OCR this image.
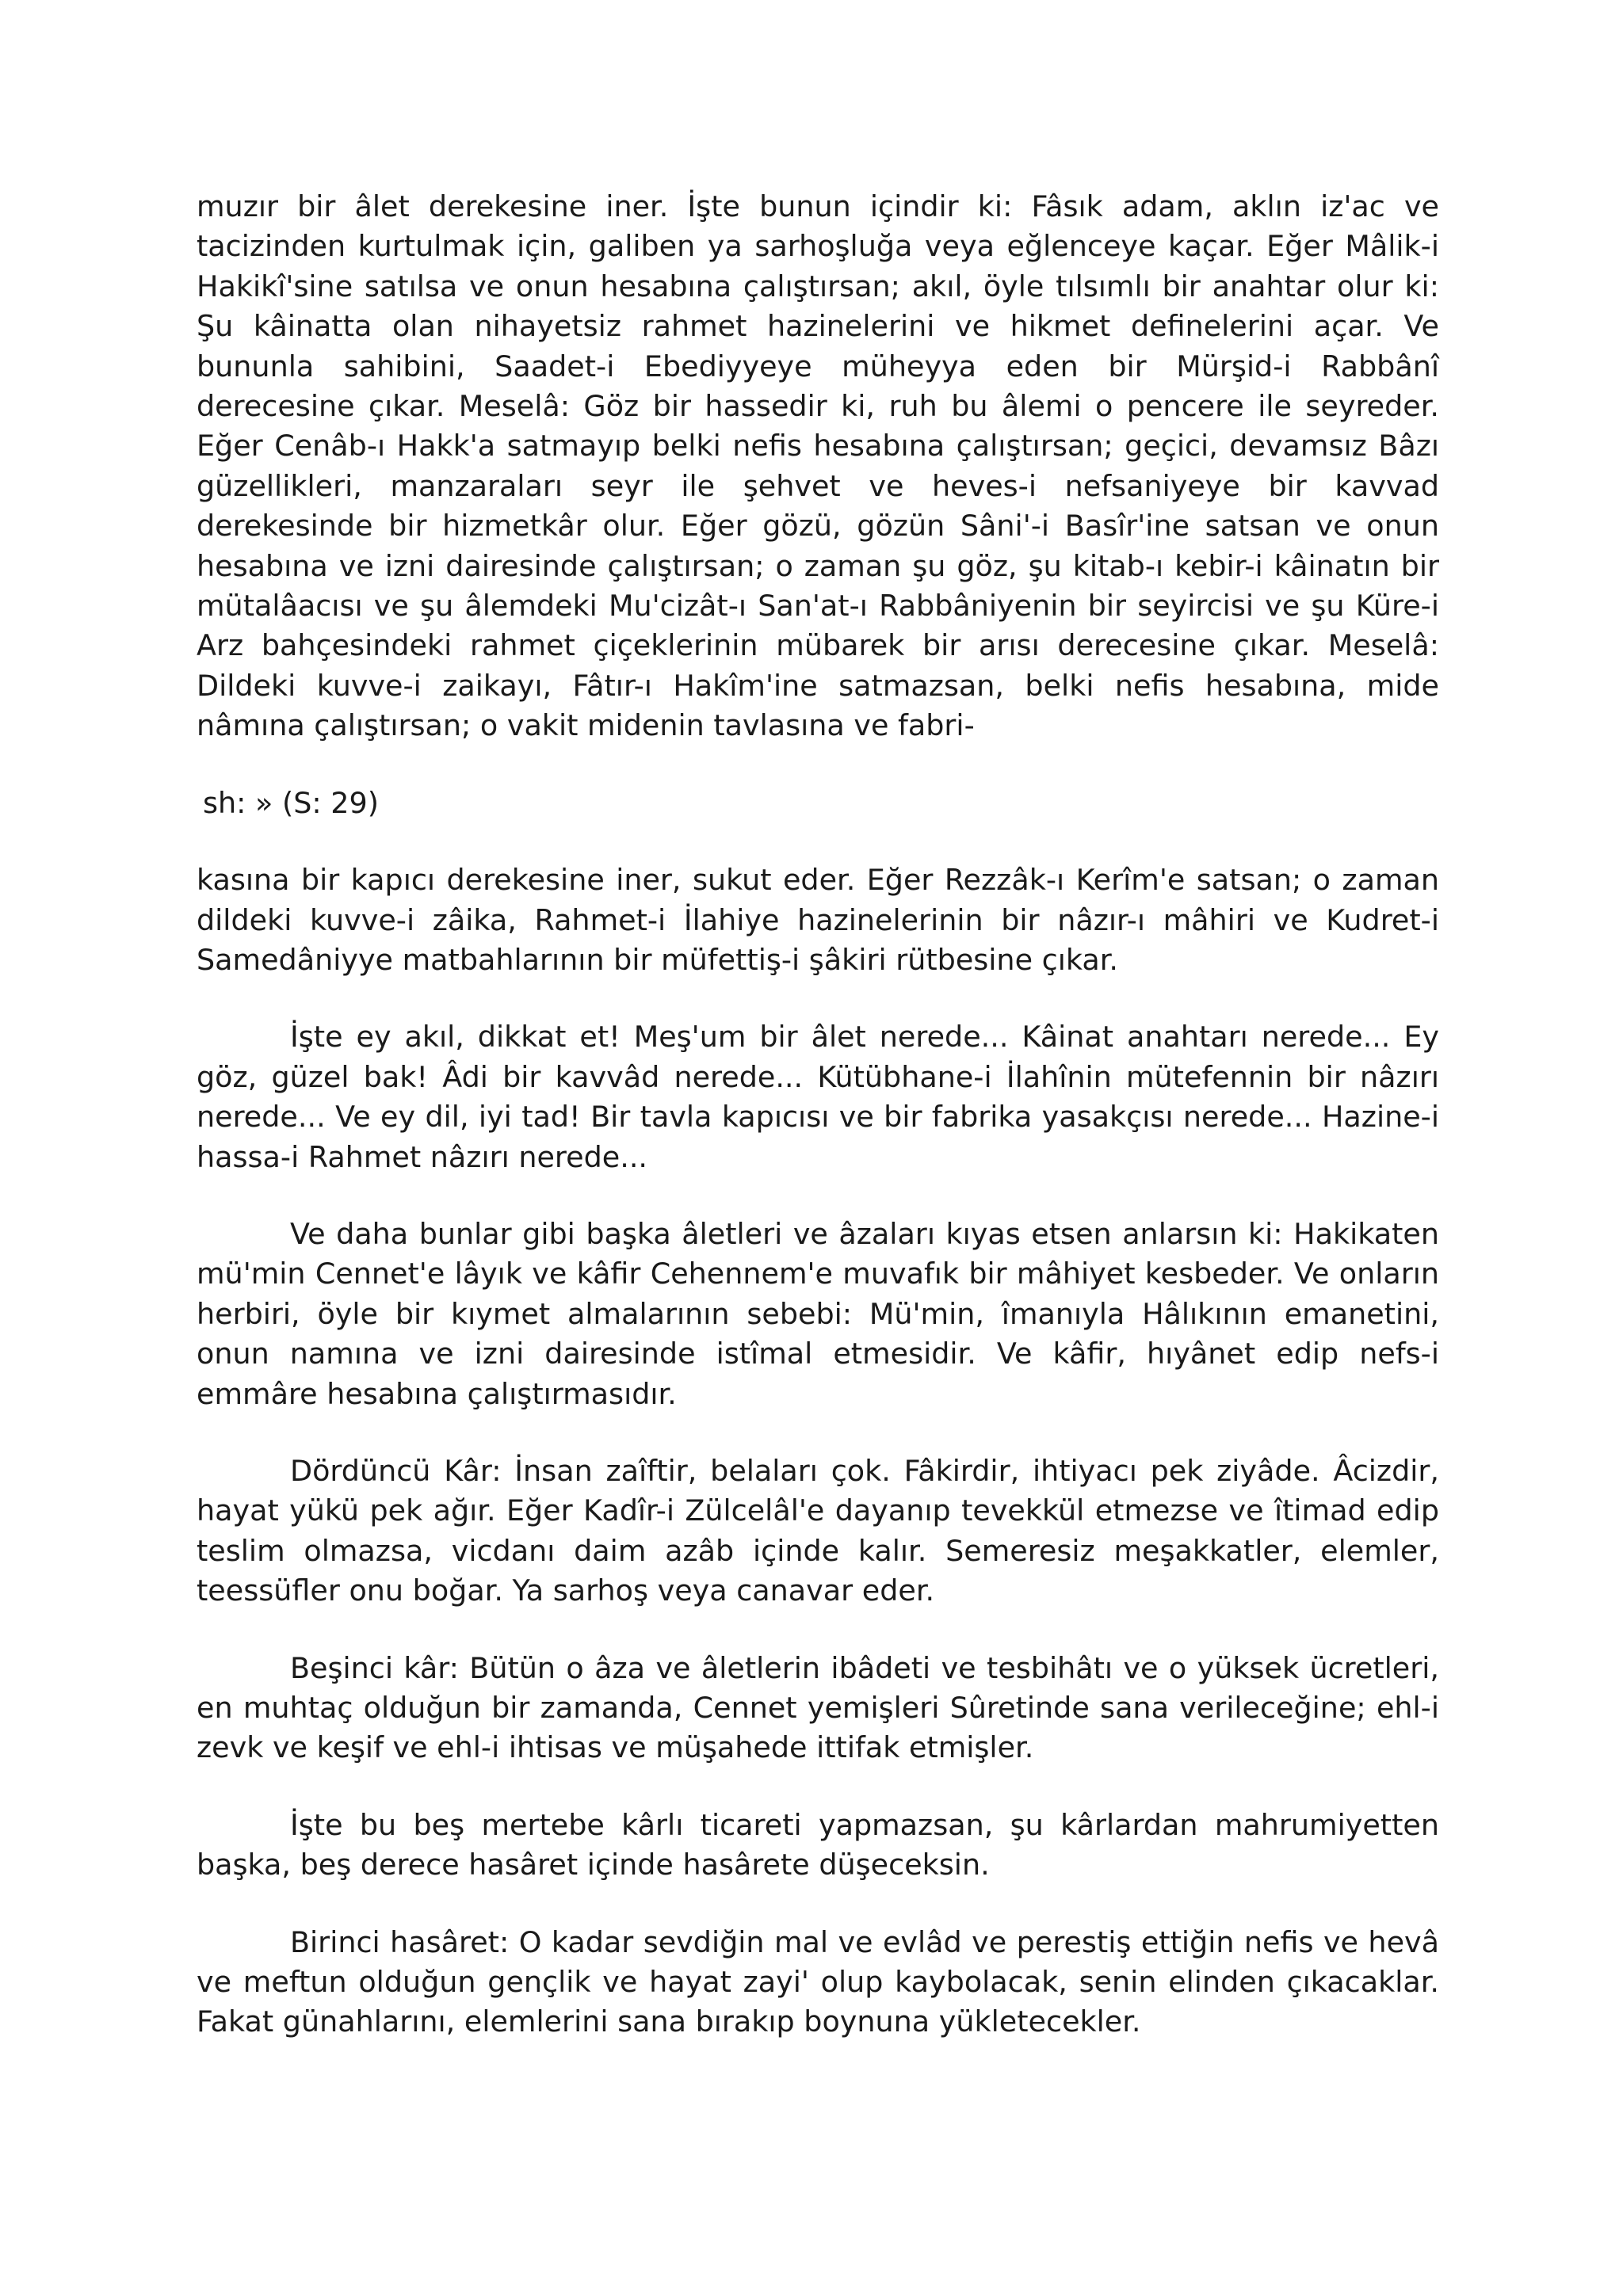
muzır bir âlet derekesine iner. İşte bunun içindir ki: Fâsık adam, aklın iz'ac ve tacizinden kurtulmak için, galiben ya sarhoşluğa veya eğlenceye kaçar. Eğer Mâlik-i Hakikî'sine satılsa ve onun hesabına çalıştırsan; akıl, öyle tılsımlı bir anahtar olur ki: Şu kâinatta olan nihayetsiz rahmet hazinelerini ve hikmet definelerini açar. Ve bununla sahibini, Saadet-i Ebediyyeye müheyya eden bir Mürşid-i Rabbânî derecesine çıkar. Meselâ: Göz bir hassedir ki, ruh bu âlemi o pencere ile seyreder. Eğer Cenâb-ı Hakk'a satmayıp belki nefis hesabına çalıştırsan; geçici, devamsız Bâzı güzellikleri, manzaraları seyr ile şehvet ve heves-i nefsaniyeye bir kavvad derekesinde bir hizmetkâr olur. Eğer gözü, gözün Sâni'-i Basîr'ine satsan ve onun hesabına ve izni dairesinde çalıştırsan; o zaman şu göz, şu kitab-ı kebir-i kâinatın bir mütalâacısı ve şu âlemdeki Mu'cizât-ı San'at-ı Rabbâniyenin bir seyircisi ve şu Küre-i Arz bahçesindeki rahmet çiçeklerinin mübarek bir arısı derecesine çıkar. Meselâ: Dildeki kuvve-i zaikayı, Fâtır-ı Hakîm'ine satmazsan, belki nefis hesabına, mide nâmına çalıştırsan; o vakit midenin tavlasına ve fabri-

sh: » (S: 29)

kasına bir kapıcı derekesine iner, sukut eder. Eğer Rezzâk-ı Kerîm'e satsan; o zaman dildeki kuvve-i zâika, Rahmet-i İlahiye hazinelerinin bir nâzır-ı mâhiri ve Kudret-i Samedâniyye matbahlarının bir müfettiş-i şâkiri rütbesine çıkar.

İşte ey akıl, dikkat et! Meş'um bir âlet nerede... Kâinat anahtarı nerede... Ey göz, güzel bak! Âdi bir kavvâd nerede... Kütübhane-i İlahînin mütefennin bir nâzırı nerede... Ve ey dil, iyi tad! Bir tavla kapıcısı ve bir fabrika yasakçısı nerede... Hazine-i hassa-i Rahmet nâzırı nerede...

Ve daha bunlar gibi başka âletleri ve âzaları kıyas etsen anlarsın ki: Hakikaten mü'min Cennet'e lâyık ve kâfir Cehennem'e muvafık bir mâhiyet kesbeder. Ve onların herbiri, öyle bir kıymet almalarının sebebi: Mü'min, îmanıyla Hâlıkının emanetini, onun namına ve izni dairesinde istîmal etmesidir. Ve kâfir, hıyânet edip nefs-i emmâre hesabına çalıştırmasıdır.

Dördüncü Kâr: İnsan zaîftir, belaları çok. Fâkirdir, ihtiyacı pek ziyâde. Âcizdir, hayat yükü pek ağır. Eğer Kadîr-i Zülcelâl'e dayanıp tevekkül etmezse ve îtimad edip teslim olmazsa, vicdanı daim azâb içinde kalır. Semeresiz meşakkatler, elemler, teessüfler onu boğar. Ya sarhoş veya canavar eder.

Beşinci kâr: Bütün o âza ve âletlerin ibâdeti ve tesbihâtı ve o yüksek ücretleri, en muhtaç olduğun bir zamanda, Cennet yemişleri Sûretinde sana verileceğine; ehl-i zevk ve keşif ve ehl-i ihtisas ve müşahede ittifak etmişler.

İşte bu beş mertebe kârlı ticareti yapmazsan, şu kârlardan mahrumiyetten başka, beş derece hasâret içinde hasârete düşeceksin.

Birinci hasâret: O kadar sevdiğin mal ve evlâd ve perestiş ettiğin nefis ve hevâ ve meftun olduğun gençlik ve hayat zayi' olup kaybolacak, senin elinden çıkacaklar. Fakat günahlarını, elemlerini sana bırakıp boynuna yükletecekler.
